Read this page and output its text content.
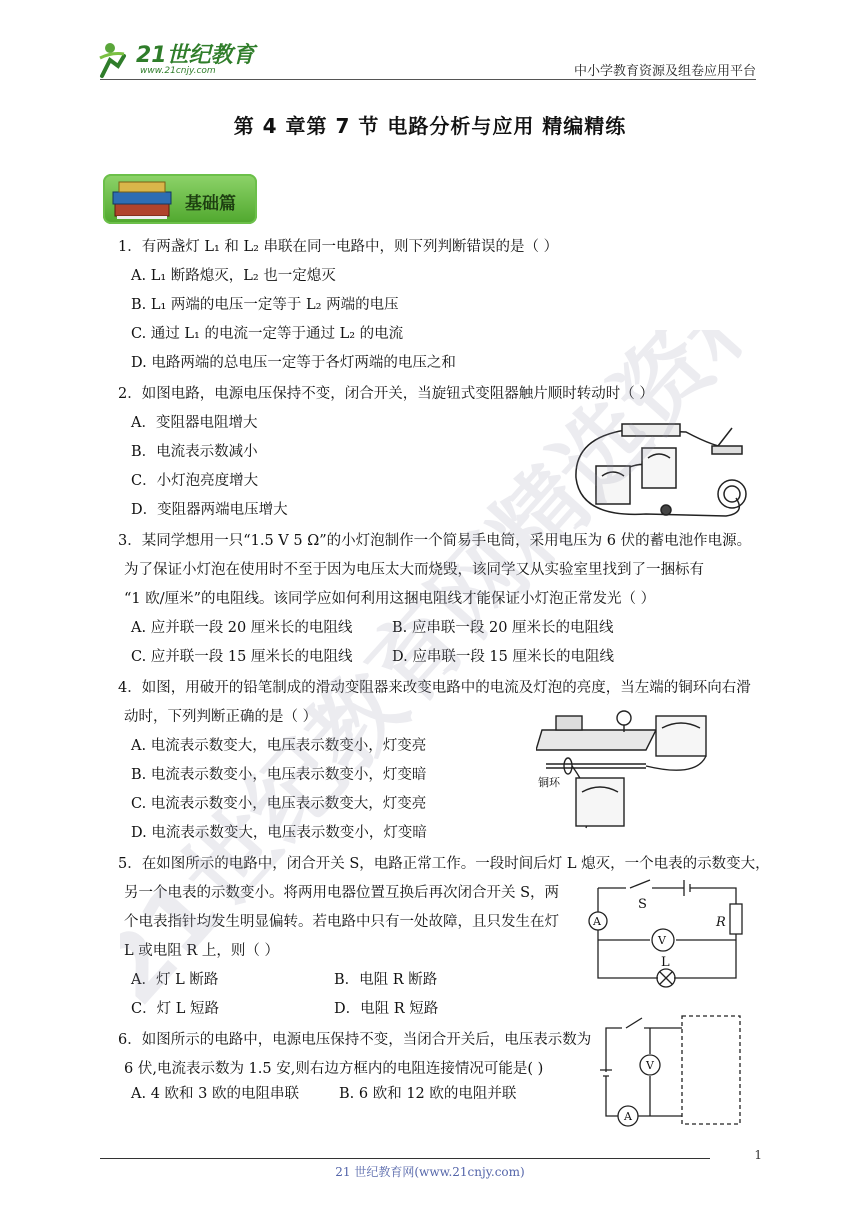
21世纪教育
www.21cnjy.com	中小学教育资源及组卷应用平台
第 4 章第 7 节 电路分析与应用 精编精练
基础篇
1．有两盏灯 L₁ 和 L₂ 串联在同一电路中，则下列判断错误的是（ ）
A. L₁ 断路熄灭，L₂ 也一定熄灭
B. L₁ 两端的电压一定等于 L₂ 两端的电压
C. 通过 L₁ 的电流一定等于通过 L₂ 的电流
D. 电路两端的总电压一定等于各灯两端的电压之和
2．如图电路，电源电压保持不变，闭合开关，当旋钮式变阻器触片顺时转动时（ ）
A．变阻器电阻增大
B．电流表示数减小
C．小灯泡亮度增大
D．变阻器两端电压增大
3．某同学想用一只“1.5 V 5 Ω”的小灯泡制作一个简易手电筒，采用电压为 6 伏的蓄电池作电源。
为了保证小灯泡在使用时不至于因为电压太大而烧毁，该同学又从实验室里找到了一捆标有
“1 欧/厘米”的电阻线。该同学应如何利用这捆电阻线才能保证小灯泡正常发光（ ）
A. 应并联一段 20 厘米长的电阻线	B. 应串联一段 20 厘米长的电阻线
C. 应并联一段 15 厘米长的电阻线	D. 应串联一段 15 厘米长的电阻线
4．如图，用破开的铅笔制成的滑动变阻器来改变电路中的电流及灯泡的亮度，当左端的铜环向右滑
动时，下列判断正确的是（ ）
A. 电流表示数变大，电压表示数变小，灯变亮
B. 电流表示数变小，电压表示数变小，灯变暗
C. 电流表示数变小，电压表示数变大，灯变亮
D. 电流表示数变大，电压表示数变小，灯变暗
铜环
5．在如图所示的电路中，闭合开关 S，电路正常工作。一段时间后灯 L 熄灭，一个电表的示数变大，
另一个电表的示数变小。将两用电器位置互换后再次闭合开关 S，两
个电表指针均发生明显偏转。若电路中只有一处故障，且只发生在灯
L 或电阻 R 上，则（ ）
A．灯 L 断路	B．电阻 R 断路
C．灯 L 短路	D．电阻 R 短路
S
R
A
V
L
6．如图所示的电路中，电源电压保持不变，当闭合开关后，电压表示数为
6 伏,电流表示数为 1.5 安,则右边方框内的电阻连接情况可能是( )
A. 4 欧和 3 欧的电阻串联	B. 6 欧和 12 欧的电阻并联
V
A
21世纪教育网精选资料
1
21 世纪教育网(www.21cnjy.com)
